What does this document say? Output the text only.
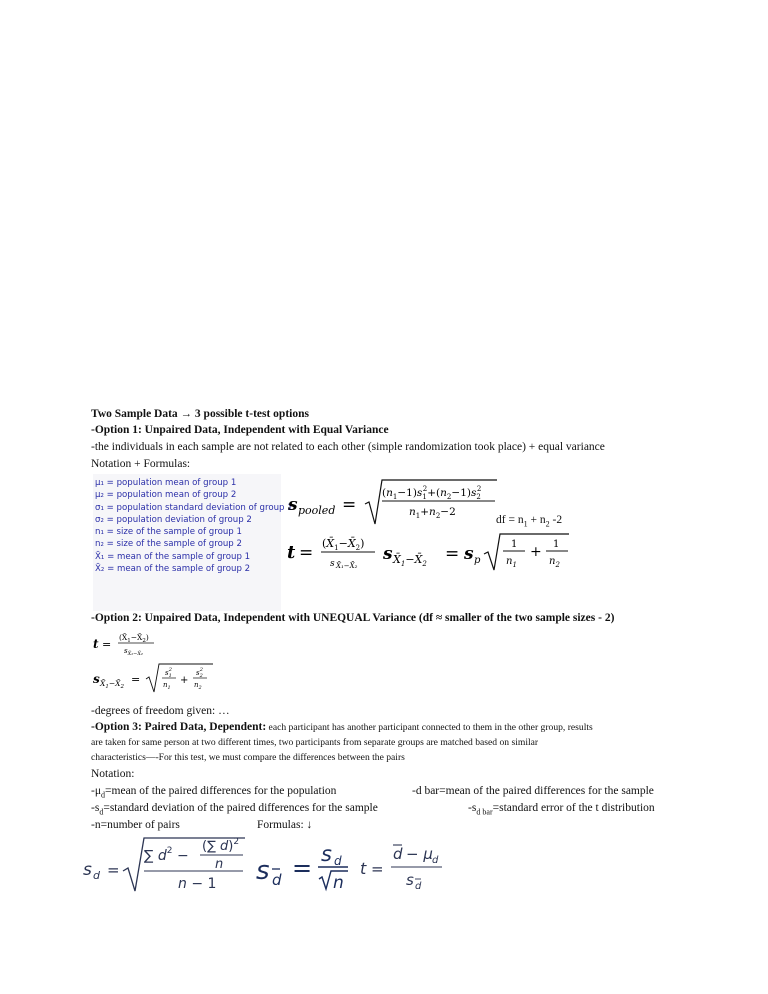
Two Sample Data → 3 possible t-test options
-Option 1: Unpaired Data, Independent with Equal Variance
-the individuals in each sample are not related to each other (simple randomization took place) + equal variance
Notation + Formulas:
μ₁ = population mean of group 1
μ₂ = population mean of group 2
σ₁ = population standard deviation of group 1
σ₂ = population deviation of group 2
n₁ = size of the sample of group 1
n₂ = size of the sample of group 2
X̄₁ = mean of the sample of group 1
X̄₂ = mean of the sample of group 2
s pooled =
$(n_1-1)s_12+(n_2-1)s_22$
$n_1+n_2-2$
df = $n_1 + n_2$ -2
$t = (X̄_1-X̄_2)$
s X̄₁−X̄₂
s $X̄_1-X̄_2 = s$ p
1
$n_1$
+ 1
$n_2$
-Option 2: Unpaired Data, Independent with UNEQUAL Variance (df ≈ smaller of the two sample sizes - 2)
t =
$(X̄_1-X̄_2)$
$s_{X̄_1-X̄_2}$
s $X̄_1-X̄_2$
=	$s_12$
$n_1$
+
$s_22$
$n_2$
-degrees of freedom given: …
-Option 3: Paired Data, Dependent: each participant has another participant connected to them in the other group, results
are taken for same person at two different times, two participants from separate groups are matched based on similar
characteristics—-For this test, we must compare the differences between the pairs
Notation:
$-\mu_d=mean$ of the paired differences for the population	-d bar=mean of the paired differences for the sample
$-s_d=standard$ deviation of the paired differences for the sample	$-s_{d bar}=standard$ error of the t distribution
-n=number of pairs	Formulas: ↓
s d =
∑ $d^2$ −
(∑ d)$^2$
n
n − 1 s d = s d
n
t =
d − μ d
s d
